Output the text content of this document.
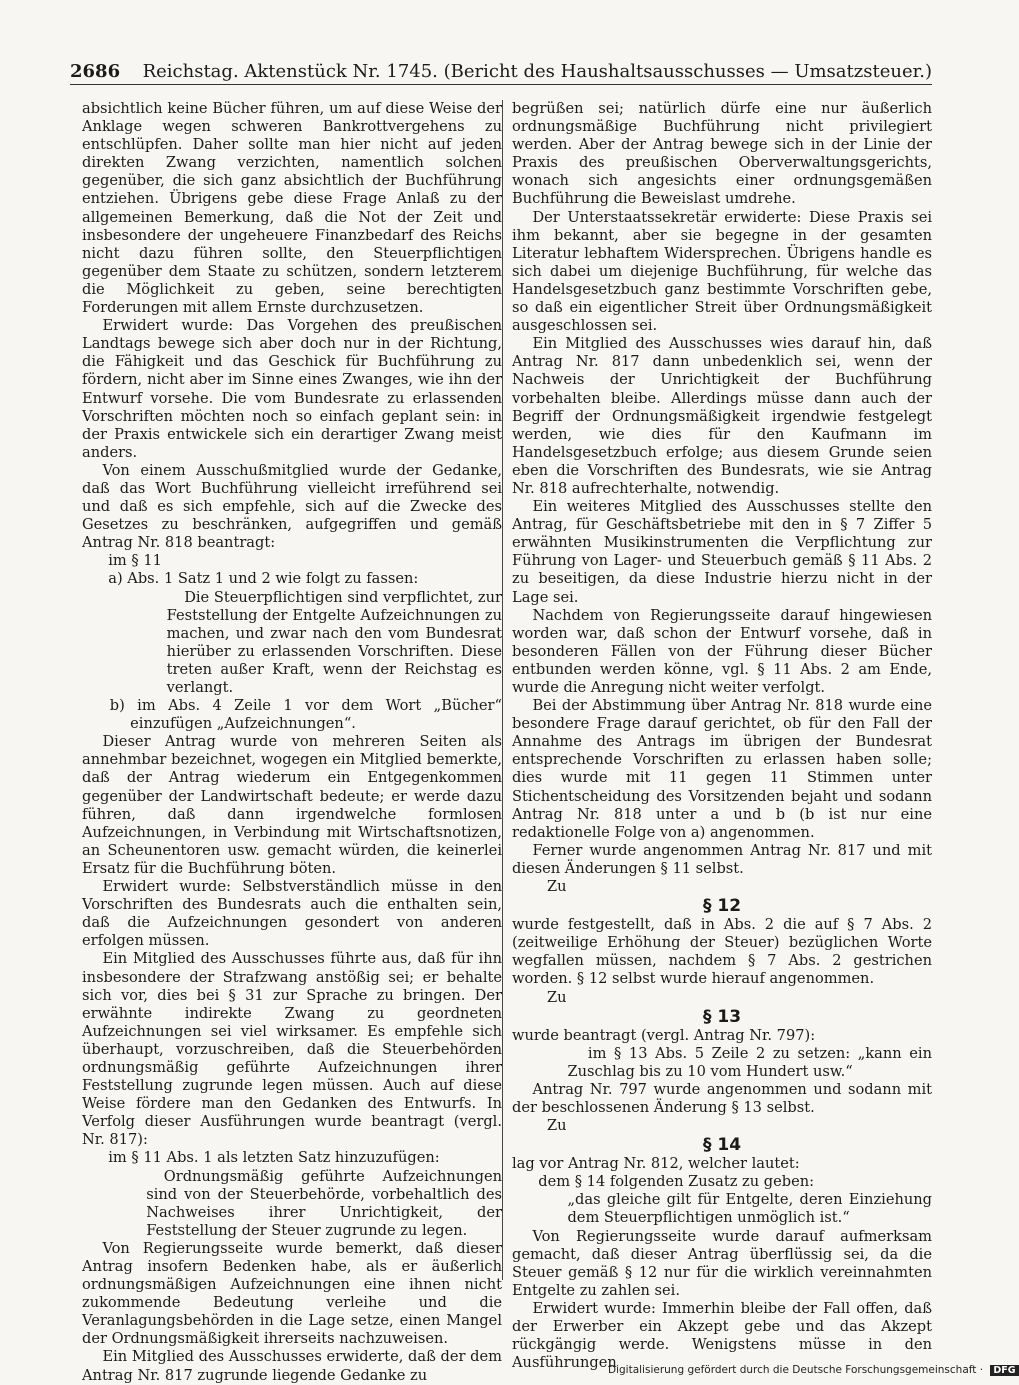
2686 Reichstag. Aktenstück Nr. 1745. (Bericht des Haushaltsausschusses — Umsatzsteuer.)

absichtlich keine Bücher führen, um auf diese Weise der Anklage wegen schweren Bankrottvergehens zu entschlüpfen. Daher sollte man hier nicht auf jeden direkten Zwang verzichten, namentlich solchen gegenüber, die sich ganz absichtlich der Buchführung entziehen. Übrigens gebe diese Frage Anlaß zu der allgemeinen Bemerkung, daß die Not der Zeit und insbesondere der ungeheuere Finanzbedarf des Reichs nicht dazu führen sollte, den Steuerpflichtigen gegenüber dem Staate zu schützen, sondern letzterem die Möglichkeit zu geben, seine berechtigten Forderungen mit allem Ernste durchzusetzen.

Erwidert wurde: Das Vorgehen des preußischen Landtags bewege sich aber doch nur in der Richtung, die Fähigkeit und das Geschick für Buchführung zu fördern, nicht aber im Sinne eines Zwanges, wie ihn der Entwurf vorsehe. Die vom Bundesrate zu erlassenden Vorschriften möchten noch so einfach geplant sein: in der Praxis entwickele sich ein derartiger Zwang meist anders.

Von einem Ausschußmitglied wurde der Gedanke, daß das Wort Buchführung vielleicht irreführend sei und daß es sich empfehle, sich auf die Zwecke des Gesetzes zu beschränken, aufgegriffen und gemäß Antrag Nr. 818 beantragt:

im § 11

a) Abs. 1 Satz 1 und 2 wie folgt zu fassen:

Die Steuerpflichtigen sind verpflichtet, zur Feststellung der Entgelte Aufzeichnungen zu machen, und zwar nach den vom Bundesrat hierüber zu erlassenden Vorschriften. Diese treten außer Kraft, wenn der Reichstag es verlangt.

b) im Abs. 4 Zeile 1 vor dem Wort „Bücher“ einzufügen „Aufzeichnungen“.

Dieser Antrag wurde von mehreren Seiten als annehmbar bezeichnet, wogegen ein Mitglied bemerkte, daß der Antrag wiederum ein Entgegenkommen gegenüber der Landwirtschaft bedeute; er werde dazu führen, daß dann irgendwelche formlosen Aufzeichnungen, in Verbindung mit Wirtschaftsnotizen, an Scheunentoren usw. gemacht würden, die keinerlei Ersatz für die Buchführung böten.

Erwidert wurde: Selbstverständlich müsse in den Vorschriften des Bundesrats auch die enthalten sein, daß die Aufzeichnungen gesondert von anderen erfolgen müssen.

Ein Mitglied des Ausschusses führte aus, daß für ihn insbesondere der Strafzwang anstößig sei; er behalte sich vor, dies bei § 31 zur Sprache zu bringen. Der erwähnte indirekte Zwang zu geordneten Aufzeichnungen sei viel wirksamer. Es empfehle sich überhaupt, vorzuschreiben, daß die Steuerbehörden ordnungsmäßig geführte Aufzeichnungen ihrer Feststellung zugrunde legen müssen. Auch auf diese Weise fördere man den Gedanken des Entwurfs. In Verfolg dieser Ausführungen wurde beantragt (vergl. Nr. 817):

im § 11 Abs. 1 als letzten Satz hinzuzufügen:

Ordnungsmäßig geführte Aufzeichnungen sind von der Steuerbehörde, vorbehaltlich des Nachweises ihrer Unrichtigkeit, der Feststellung der Steuer zugrunde zu legen.

Von Regierungsseite wurde bemerkt, daß dieser Antrag insofern Bedenken habe, als er äußerlich ordnungsmäßigen Aufzeichnungen eine ihnen nicht zukommende Bedeutung verleihe und die Veranlagungsbehörden in die Lage setze, einen Mangel der Ordnungsmäßigkeit ihrerseits nachzuweisen.

Ein Mitglied des Ausschusses erwiderte, daß der dem Antrag Nr. 817 zugrunde liegende Gedanke zu

begrüßen sei; natürlich dürfe eine nur äußerlich ordnungsmäßige Buchführung nicht privilegiert werden. Aber der Antrag bewege sich in der Linie der Praxis des preußischen Oberverwaltungsgerichts, wonach sich angesichts einer ordnungsgemäßen Buchführung die Beweislast umdrehe.

Der Unterstaatssekretär erwiderte: Diese Praxis sei ihm bekannt, aber sie begegne in der gesamten Literatur lebhaftem Widersprechen. Übrigens handle es sich dabei um diejenige Buchführung, für welche das Handelsgesetzbuch ganz bestimmte Vorschriften gebe, so daß ein eigentlicher Streit über Ordnungsmäßigkeit ausgeschlossen sei.

Ein Mitglied des Ausschusses wies darauf hin, daß Antrag Nr. 817 dann unbedenklich sei, wenn der Nachweis der Unrichtigkeit der Buchführung vorbehalten bleibe. Allerdings müsse dann auch der Begriff der Ordnungsmäßigkeit irgendwie festgelegt werden, wie dies für den Kaufmann im Handelsgesetzbuch erfolge; aus diesem Grunde seien eben die Vorschriften des Bundesrats, wie sie Antrag Nr. 818 aufrechterhalte, notwendig.

Ein weiteres Mitglied des Ausschusses stellte den Antrag, für Geschäftsbetriebe mit den in § 7 Ziffer 5 erwähnten Musikinstrumenten die Verpflichtung zur Führung von Lager- und Steuerbuch gemäß § 11 Abs. 2 zu beseitigen, da diese Industrie hierzu nicht in der Lage sei.

Nachdem von Regierungsseite darauf hingewiesen worden war, daß schon der Entwurf vorsehe, daß in besonderen Fällen von der Führung dieser Bücher entbunden werden könne, vgl. § 11 Abs. 2 am Ende, wurde die Anregung nicht weiter verfolgt.

Bei der Abstimmung über Antrag Nr. 818 wurde eine besondere Frage darauf gerichtet, ob für den Fall der Annahme des Antrags im übrigen der Bundesrat entsprechende Vorschriften zu erlassen haben solle; dies wurde mit 11 gegen 11 Stimmen unter Stichentscheidung des Vorsitzenden bejaht und sodann Antrag Nr. 818 unter a und b (b ist nur eine redaktionelle Folge von a) angenommen.

Ferner wurde angenommen Antrag Nr. 817 und mit diesen Änderungen § 11 selbst.

Zu

§ 12

wurde festgestellt, daß in Abs. 2 die auf § 7 Abs. 2 (zeitweilige Erhöhung der Steuer) bezüglichen Worte wegfallen müssen, nachdem § 7 Abs. 2 gestrichen worden. § 12 selbst wurde hierauf angenommen.

Zu

§ 13

wurde beantragt (vergl. Antrag Nr. 797):

im § 13 Abs. 5 Zeile 2 zu setzen: „kann ein Zuschlag bis zu 10 vom Hundert usw.“

Antrag Nr. 797 wurde angenommen und sodann mit der beschlossenen Änderung § 13 selbst.

Zu

§ 14

lag vor Antrag Nr. 812, welcher lautet:

dem § 14 folgenden Zusatz zu geben:

„das gleiche gilt für Entgelte, deren Einziehung dem Steuerpflichtigen unmöglich ist.“

Von Regierungsseite wurde darauf aufmerksam gemacht, daß dieser Antrag überflüssig sei, da die Steuer gemäß § 12 nur für die wirklich vereinnahmten Entgelte zu zahlen sei.

Erwidert wurde: Immerhin bleibe der Fall offen, daß der Erwerber ein Akzept gebe und das Akzept rückgängig werde. Wenigstens müsse in den Ausführungen

Digitalisierung gefördert durch die Deutsche Forschungsgemeinschaft · DFG
